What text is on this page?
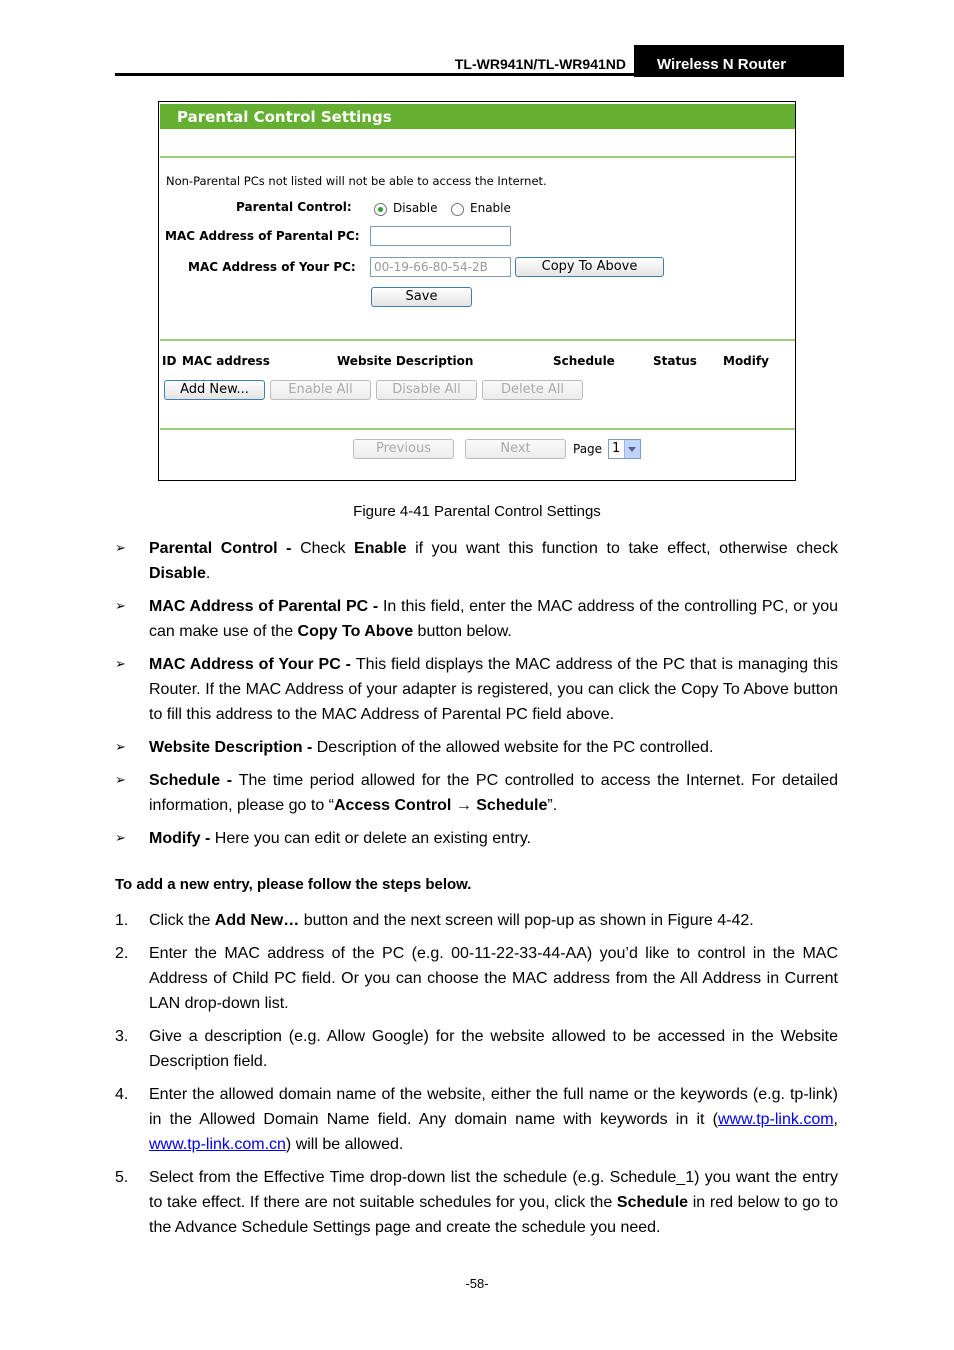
TL-WR941N/TL-WR941ND Wireless N Router
Parental Control Settings
Non-Parental PCs not listed will not be able to access the Internet.
Parental Control:	Disable	Enable
MAC Address of Parental PC:
MAC Address of Your PC:	00-19-66-80-54-2B	Copy To Above
Save
ID MAC address	Website Description	Schedule	Status Modify
Add New...	Enable All	Disable All	Delete All
Previous	Next	Page 1
Figure 4-41 Parental Control Settings
➢ Parental Control - Check Enable if you want this function to take effect, otherwise check Disable.
➢ MAC Address of Parental PC - In this field, enter the MAC address of the controlling PC, or you can make use of the Copy To Above button below.
➢ MAC Address of Your PC - This field displays the MAC address of the PC that is managing this Router. If the MAC Address of your adapter is registered, you can click the Copy To Above button to fill this address to the MAC Address of Parental PC field above.
➢ Website Description - Description of the allowed website for the PC controlled.
➢ Schedule - The time period allowed for the PC controlled to access the Internet. For detailed information, please go to “Access Control → Schedule”.
➢ Modify - Here you can edit or delete an existing entry.
To add a new entry, please follow the steps below.
1. Click the Add New… button and the next screen will pop-up as shown in Figure 4-42.
2. Enter the MAC address of the PC (e.g. 00-11-22-33-44-AA) you’d like to control in the MAC Address of Child PC field. Or you can choose the MAC address from the All Address in Current LAN drop-down list.
3. Give a description (e.g. Allow Google) for the website allowed to be accessed in the Website Description field.
4. Enter the allowed domain name of the website, either the full name or the keywords (e.g. tp-link) in the Allowed Domain Name field. Any domain name with keywords in it (www.tp-link.com, www.tp-link.com.cn) will be allowed.
5. Select from the Effective Time drop-down list the schedule (e.g. Schedule_1) you want the entry to take effect. If there are not suitable schedules for you, click the Schedule in red below to go to the Advance Schedule Settings page and create the schedule you need.
-58-
